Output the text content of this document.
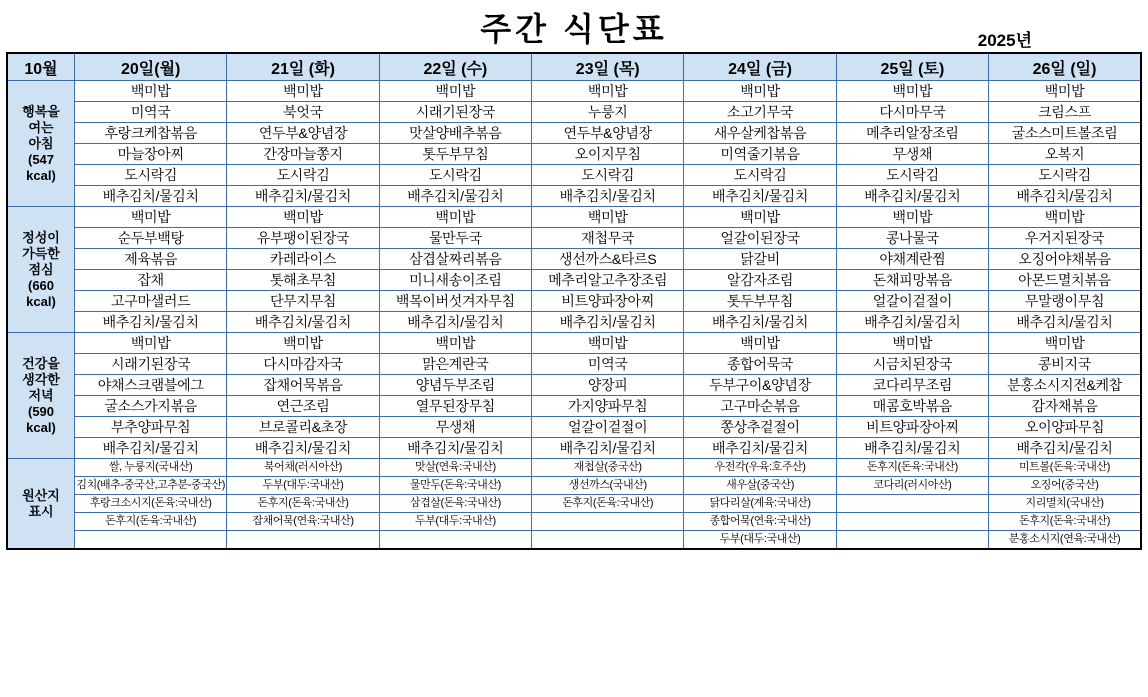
주간 식단표	2025년
10월	20일(월)	21일 (화)	22일 (수)	23일 (목)	24일 (금)	25일 (토)	26일 (일)

행복을
여는
아침
(547
kcal)	백미밥	백미밥	백미밥	백미밥	백미밥	백미밥	백미밥
	미역국	북엇국	시래기된장국	누룽지	소고기무국	다시마무국	크림스프
	후랑크케찹볶음	연두부&양념장	맛살양배추볶음	연두부&양념장	새우살케찹볶음	메추리알장조림	굴소스미트볼조림
	마늘장아찌	간장마늘쫑지	톳두부무침	오이지무침	미역줄기볶음	무생채	오복지
	도시락김	도시락김	도시락김	도시락김	도시락김	도시락김	도시락김
	배추김치/물김치	배추김치/물김치	배추김치/물김치	배추김치/물김치	배추김치/물김치	배추김치/물김치	배추김치/물김치

정성이
가득한
점심
(660
kcal)	백미밥	백미밥	백미밥	백미밥	백미밥	백미밥	백미밥
	순두부백탕	유부팽이된장국	물만두국	재첩무국	얼갈이된장국	콩나물국	우거지된장국
	제육볶음	카레라이스	삼겹살짜리볶음	생선까스&타르S	닭갈비	야채계란찜	오징어야채볶음
	잡채	톳해초무침	미니새송이조림	메추리알고추장조림	알감자조림	돈채피망볶음	아몬드멸치볶음
	고구마샐러드	단무지무침	백목이버섯겨자무침	비트양파장아찌	톳두부무침	얼갈이겉절이	무말랭이무침
	배추김치/물김치	배추김치/물김치	배추김치/물김치	배추김치/물김치	배추김치/물김치	배추김치/물김치	배추김치/물김치

건강을
생각한
저녁
(590
kcal)	백미밥	백미밥	백미밥	백미밥	백미밥	백미밥	백미밥
	시래기된장국	다시마감자국	맑은계란국	미역국	종합어묵국	시금치된장국	콩비지국
	야채스크램블에그	잡채어묵볶음	양념두부조림	양장피	두부구이&양념장	코다리무조림	분홍소시지전&케찹
	굴소스가지볶음	연근조림	열무된장무침	가지양파무침	고구마순볶음	매콤호박볶음	감자채볶음
	부추양파무침	브로콜리&초장	무생채	얼갈이겉절이	쫑상추겉절이	비트양파장아찌	오이양파무침
	배추김치/물김치	배추김치/물김치	배추김치/물김치	배추김치/물김치	배추김치/물김치	배추김치/물김치	배추김치/물김치

원산지
표시	쌀, 누룽지(국내산)	북어채(러시아산)	맛살(연육:국내산)	재첩살(중국산)	우전각(우육:호주산)	돈후지(돈육:국내산)	미트볼(돈육:국내산)
	김치(배추-중국산,고추분-중국산)	두부(대두:국내산)	물만두(돈육:국내산)	생선까스(국내산)	새우살(중국산)	코다리(러시아산)	오징어(중국산)
	후랑크소시지(돈육:국내산)	돈후지(돈육:국내산)	삼겹살(돈육:국내산)	돈후지(돈육:국내산)	닭다리살(계육:국내산)		지리멸치(국내산)
	돈후지(돈육:국내산)	잡채어묵(연육:국내산)	두부(대두:국내산)		종합어묵(연육:국내산)		돈후지(돈육:국내산)
					두부(대두:국내산)		분홍소시지(연육:국내산)
